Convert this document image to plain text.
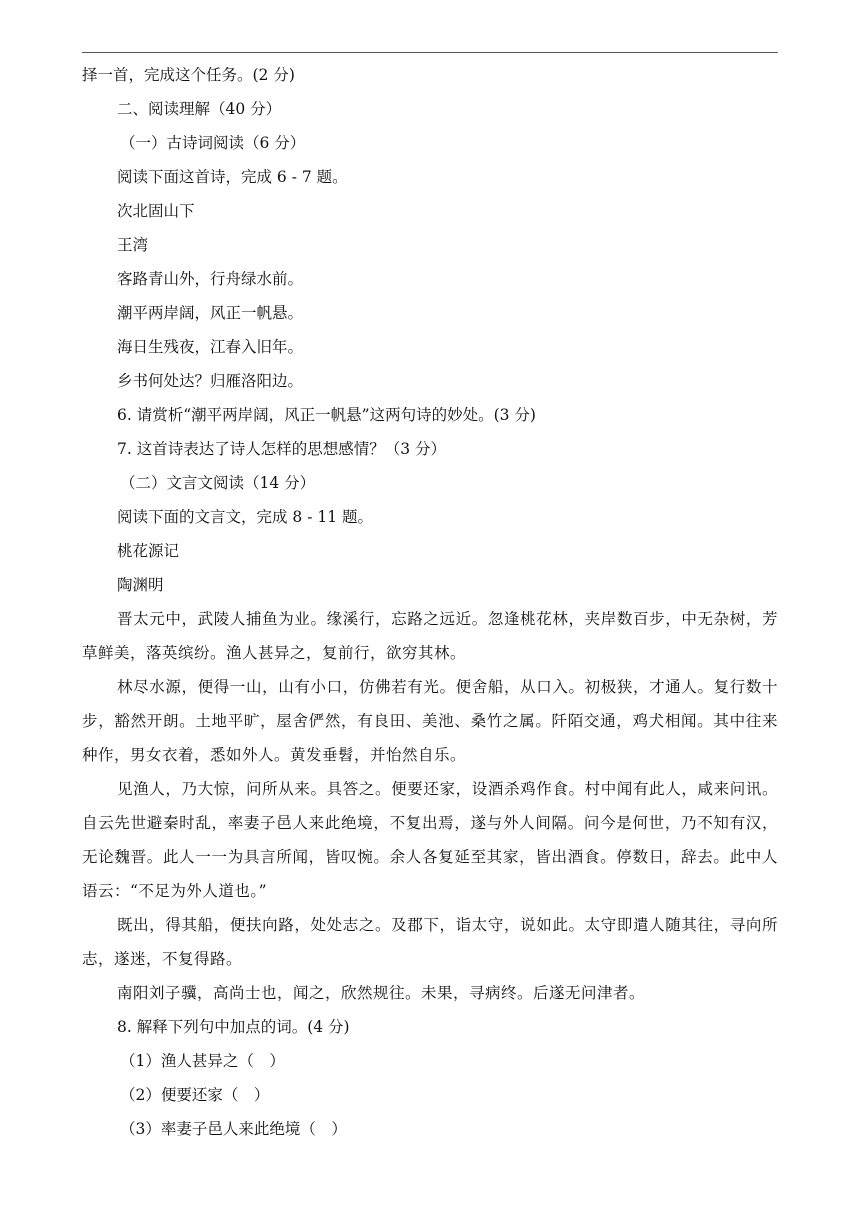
择一首，完成这个任务。(2 分)

二、阅读理解（40 分）

（一）古诗词阅读（6 分）

阅读下面这首诗，完成 6 - 7 题。

次北固山下

王湾

客路青山外，行舟绿水前。

潮平两岸阔，风正一帆悬。

海日生残夜，江春入旧年。

乡书何处达？归雁洛阳边。

6. 请赏析“潮平两岸阔，风正一帆悬”这两句诗的妙处。(3 分)

7. 这首诗表达了诗人怎样的思想感情？（3 分）

（二）文言文阅读（14 分）

阅读下面的文言文，完成 8 - 11 题。

桃花源记

陶渊明

晋太元中，武陵人捕鱼为业。缘溪行，忘路之远近。忽逢桃花林，夹岸数百步，中无杂树，芳草鲜美，落英缤纷。渔人甚异之，复前行，欲穷其林。

林尽水源，便得一山，山有小口，仿佛若有光。便舍船，从口入。初极狭，才通人。复行数十步，豁然开朗。土地平旷，屋舍俨然，有良田、美池、桑竹之属。阡陌交通，鸡犬相闻。其中往来种作，男女衣着，悉如外人。黄发垂髫，并怡然自乐。

见渔人，乃大惊，问所从来。具答之。便要还家，设酒杀鸡作食。村中闻有此人，咸来问讯。自云先世避秦时乱，率妻子邑人来此绝境，不复出焉，遂与外人间隔。问今是何世，乃不知有汉，无论魏晋。此人一一为具言所闻，皆叹惋。余人各复延至其家，皆出酒食。停数日，辞去。此中人语云：“不足为外人道也。”

既出，得其船，便扶向路，处处志之。及郡下，诣太守，说如此。太守即遣人随其往，寻向所志，遂迷，不复得路。

南阳刘子骥，高尚士也，闻之，欣然规往。未果，寻病终。后遂无问津者。

8. 解释下列句中加点的词。(4 分)

（1）渔人甚异之（　）

（2）便要还家（　）

（3）率妻子邑人来此绝境（　）
